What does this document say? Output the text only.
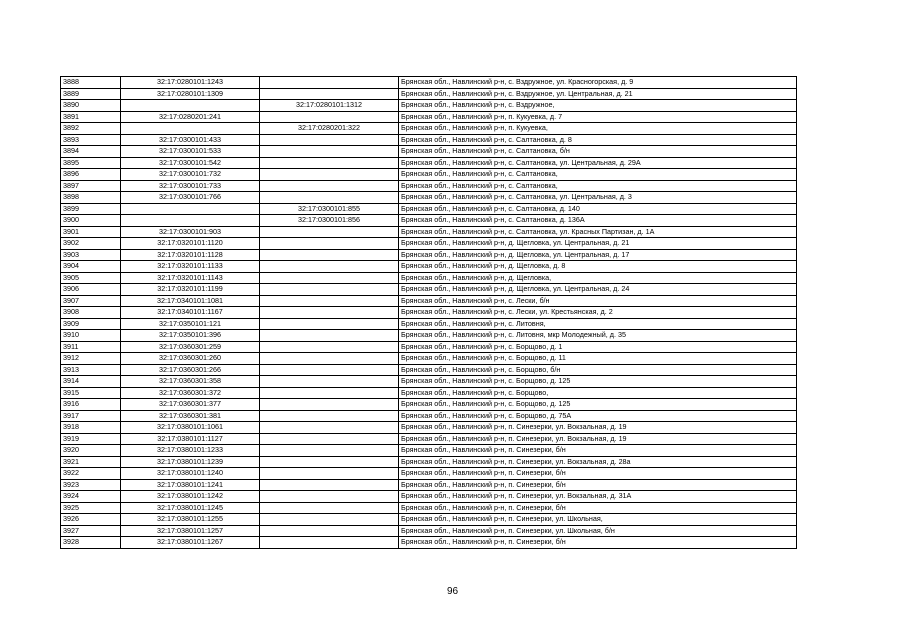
3888	32:17:0280101:1243		Брянская обл., Навлинский р-н, с. Вздружное, ул. Красногорская, д. 9
3889	32:17:0280101:1309		Брянская обл., Навлинский р-н, с. Вздружное, ул. Центральная, д. 21
3890		32:17:0280101:1312	Брянская обл., Навлинский р-н, с. Вздружное,
3891	32:17:0280201:241		Брянская обл., Навлинский р-н, п. Кукуевка, д. 7
3892		32:17:0280201:322	Брянская обл., Навлинский р-н, п. Кукуевка,
3893	32:17:0300101:433		Брянская обл., Навлинский р-н, с. Салтановка, д. 8
3894	32:17:0300101:533		Брянская обл., Навлинский р-н, с. Салтановка, б/н
3895	32:17:0300101:542		Брянская обл., Навлинский р-н, с. Салтановка, ул. Центральная, д. 29А
3896	32:17:0300101:732		Брянская обл., Навлинский р-н, с. Салтановка,
3897	32:17:0300101:733		Брянская обл., Навлинский р-н, с. Салтановка,
3898	32:17:0300101:766		Брянская обл., Навлинский р-н, с. Салтановка, ул. Центральная, д. 3
3899		32:17:0300101:855	Брянская обл., Навлинский р-н, с. Салтановка, д. 140
3900		32:17:0300101:856	Брянская обл., Навлинский р-н, с. Салтановка, д. 136А
3901	32:17:0300101:903		Брянская обл., Навлинский р-н, с. Салтановка, ул. Красных Партизан, д. 1А
3902	32:17:0320101:1120		Брянская обл., Навлинский р-н, д. Щегловка, ул. Центральная, д. 21
3903	32:17:0320101:1128		Брянская обл., Навлинский р-н, д. Щегловка, ул. Центральная, д. 17
3904	32:17:0320101:1133		Брянская обл., Навлинский р-н, д. Щегловка, д. 8
3905	32:17:0320101:1143		Брянская обл., Навлинский р-н, д. Щегловка,
3906	32:17:0320101:1199		Брянская обл., Навлинский р-н, д. Щегловка, ул. Центральная, д. 24
3907	32:17:0340101:1081		Брянская обл., Навлинский р-н, с. Лески, б/н
3908	32:17:0340101:1167		Брянская обл., Навлинский р-н, с. Лески, ул. Крестьянская, д. 2
3909	32:17:0350101:121		Брянская обл., Навлинский р-н, с. Литовня,
3910	32:17:0350101:396		Брянская обл., Навлинский р-н, с. Литовня, мкр Молодежный, д. 35
3911	32:17:0360301:259		Брянская обл., Навлинский р-н, с. Борщово, д. 1
3912	32:17:0360301:260		Брянская обл., Навлинский р-н, с. Борщово, д. 11
3913	32:17:0360301:266		Брянская обл., Навлинский р-н, с. Борщово, б/н
3914	32:17:0360301:358		Брянская обл., Навлинский р-н, с. Борщово, д. 125
3915	32:17:0360301:372		Брянская обл., Навлинский р-н, с. Борщово,
3916	32:17:0360301:377		Брянская обл., Навлинский р-н, с. Борщово, д. 125
3917	32:17:0360301:381		Брянская обл., Навлинский р-н, с. Борщово, д. 75А
3918	32:17:0380101:1061		Брянская обл., Навлинский р-н, п. Синезерки, ул. Вокзальная, д. 19
3919	32:17:0380101:1127		Брянская обл., Навлинский р-н, п. Синезерки, ул. Вокзальная, д. 19
3920	32:17:0380101:1233		Брянская обл., Навлинский р-н, п. Синезерки, б/н
3921	32:17:0380101:1239		Брянская обл., Навлинский р-н, п. Синезерки, ул. Вокзальная, д. 28а
3922	32:17:0380101:1240		Брянская обл., Навлинский р-н, п. Синезерки, б/н
3923	32:17:0380101:1241		Брянская обл., Навлинский р-н, п. Синезерки, б/н
3924	32:17:0380101:1242		Брянская обл., Навлинский р-н, п. Синезерки, ул. Вокзальная, д. 31А
3925	32:17:0380101:1245		Брянская обл., Навлинский р-н, п. Синезерки, б/н
3926	32:17:0380101:1255		Брянская обл., Навлинский р-н, п. Синезерки, ул. Школьная,
3927	32:17:0380101:1257		Брянская обл., Навлинский р-н, п. Синезерки, ул. Школьная, б/н
3928	32:17:0380101:1267		Брянская обл., Навлинский р-н, п. Синезерки, б/н
96
